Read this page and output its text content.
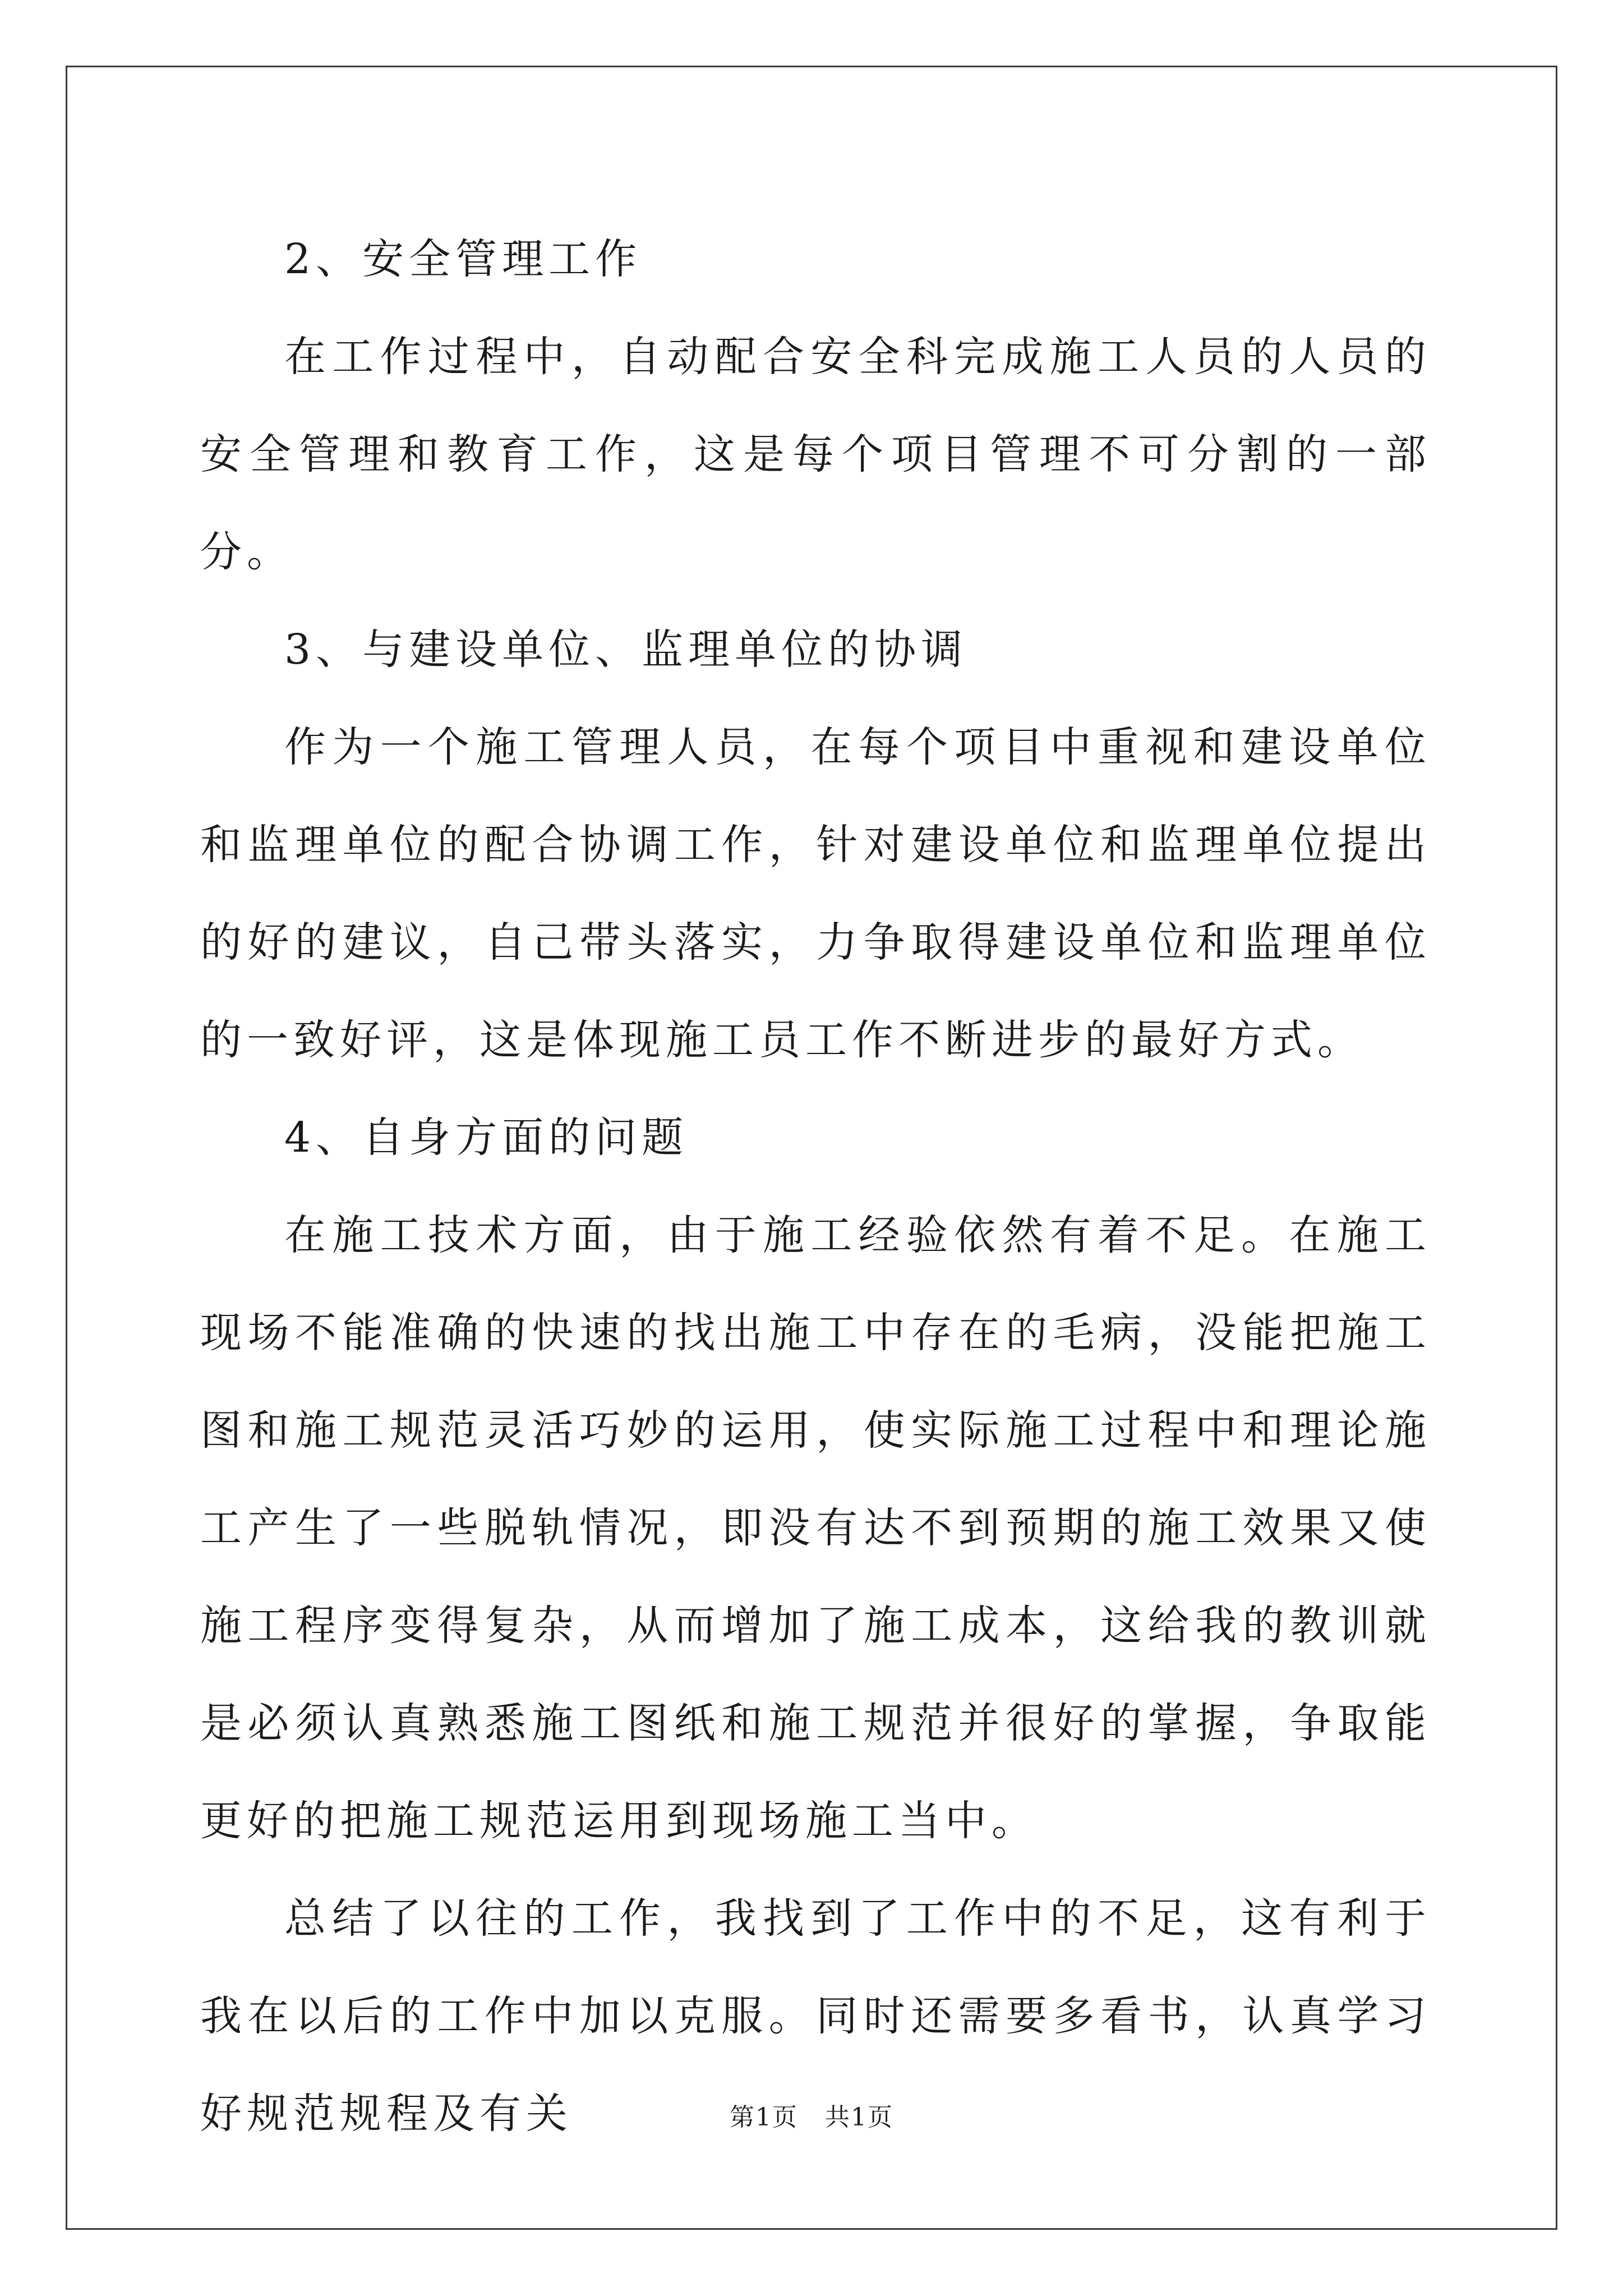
2、安全管理工作

在工作过程中，自动配合安全科完成施工人员的人员的安全管理和教育工作，这是每个项目管理不可分割的一部分。

3、与建设单位、监理单位的协调

作为一个施工管理人员，在每个项目中重视和建设单位和监理单位的配合协调工作，针对建设单位和监理单位提出的好的建议，自己带头落实，力争取得建设单位和监理单位的一致好评，这是体现施工员工作不断进步的最好方式。

4、自身方面的问题

在施工技术方面，由于施工经验依然有着不足。在施工现场不能准确的快速的找出施工中存在的毛病，没能把施工图和施工规范灵活巧妙的运用，使实际施工过程中和理论施工产生了一些脱轨情况，即没有达不到预期的施工效果又使施工程序变得复杂，从而增加了施工成本，这给我的教训就是必须认真熟悉施工图纸和施工规范并很好的掌握，争取能更好的把施工规范运用到现场施工当中。

总结了以往的工作，我找到了工作中的不足，这有利于我在以后的工作中加以克服。同时还需要多看书，认真学习好规范规程及有关	第1页 共1页
